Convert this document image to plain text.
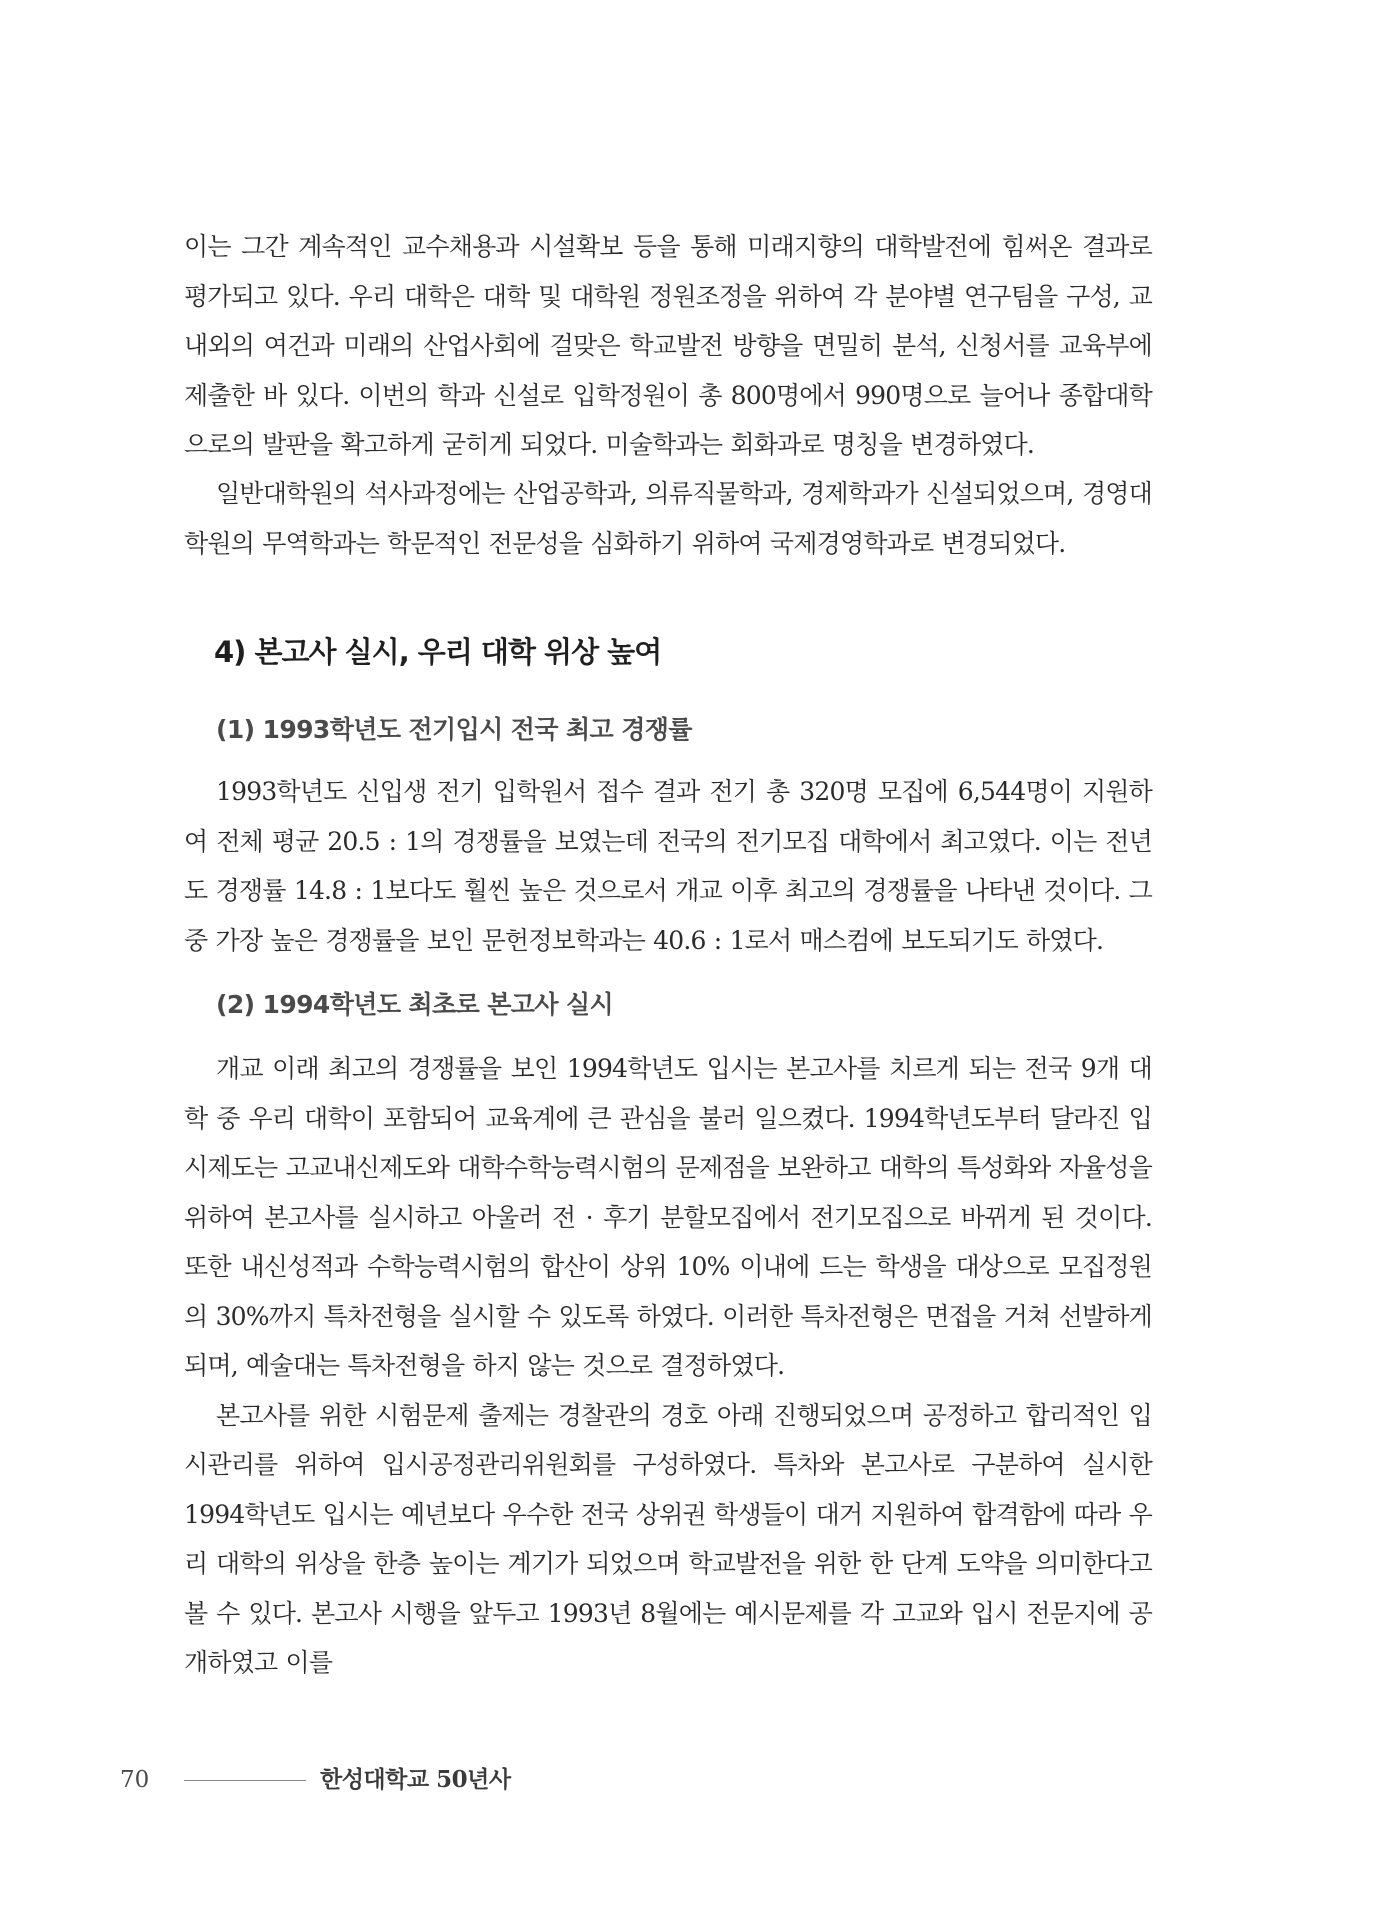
이는 그간 계속적인 교수채용과 시설확보 등을 통해 미래지향의 대학발전에 힘써온 결과로 평가되고 있다. 우리 대학은 대학 및 대학원 정원조정을 위하여 각 분야별 연구팀을 구성, 교내외의 여건과 미래의 산업사회에 걸맞은 학교발전 방향을 면밀히 분석, 신청서를 교육부에 제출한 바 있다. 이번의 학과 신설로 입학정원이 총 800명에서 990명으로 늘어나 종합대학으로의 발판을 확고하게 굳히게 되었다. 미술학과는 회화과로 명칭을 변경하였다.

일반대학원의 석사과정에는 산업공학과, 의류직물학과, 경제학과가 신설되었으며, 경영대학원의 무역학과는 학문적인 전문성을 심화하기 위하여 국제경영학과로 변경되었다.

4) 본고사 실시, 우리 대학 위상 높여
(1) 1993학년도 전기입시 전국 최고 경쟁률

1993학년도 신입생 전기 입학원서 접수 결과 전기 총 320명 모집에 6,544명이 지원하여 전체 평균 20.5 : 1의 경쟁률을 보였는데 전국의 전기모집 대학에서 최고였다. 이는 전년도 경쟁률 14.8 : 1보다도 훨씬 높은 것으로서 개교 이후 최고의 경쟁률을 나타낸 것이다. 그 중 가장 높은 경쟁률을 보인 문헌정보학과는 40.6 : 1로서 매스컴에 보도되기도 하였다.

(2) 1994학년도 최초로 본고사 실시

개교 이래 최고의 경쟁률을 보인 1994학년도 입시는 본고사를 치르게 되는 전국 9개 대학 중 우리 대학이 포함되어 교육계에 큰 관심을 불러 일으켰다. 1994학년도부터 달라진 입시제도는 고교내신제도와 대학수학능력시험의 문제점을 보완하고 대학의 특성화와 자율성을 위하여 본고사를 실시하고 아울러 전 · 후기 분할모집에서 전기모집으로 바뀌게 된 것이다. 또한 내신성적과 수학능력시험의 합산이 상위 10% 이내에 드는 학생을 대상으로 모집정원의 30%까지 특차전형을 실시할 수 있도록 하였다. 이러한 특차전형은 면접을 거쳐 선발하게 되며, 예술대는 특차전형을 하지 않는 것으로 결정하였다.

본고사를 위한 시험문제 출제는 경찰관의 경호 아래 진행되었으며 공정하고 합리적인 입시관리를 위하여 입시공정관리위원회를 구성하였다. 특차와 본고사로 구분하여 실시한 1994학년도 입시는 예년보다 우수한 전국 상위권 학생들이 대거 지원하여 합격함에 따라 우리 대학의 위상을 한층 높이는 계기가 되었으며 학교발전을 위한 한 단계 도약을 의미한다고 볼 수 있다. 본고사 시행을 앞두고 1993년 8월에는 예시문제를 각 고교와 입시 전문지에 공개하였고 이를

70	한성대학교 50년사
